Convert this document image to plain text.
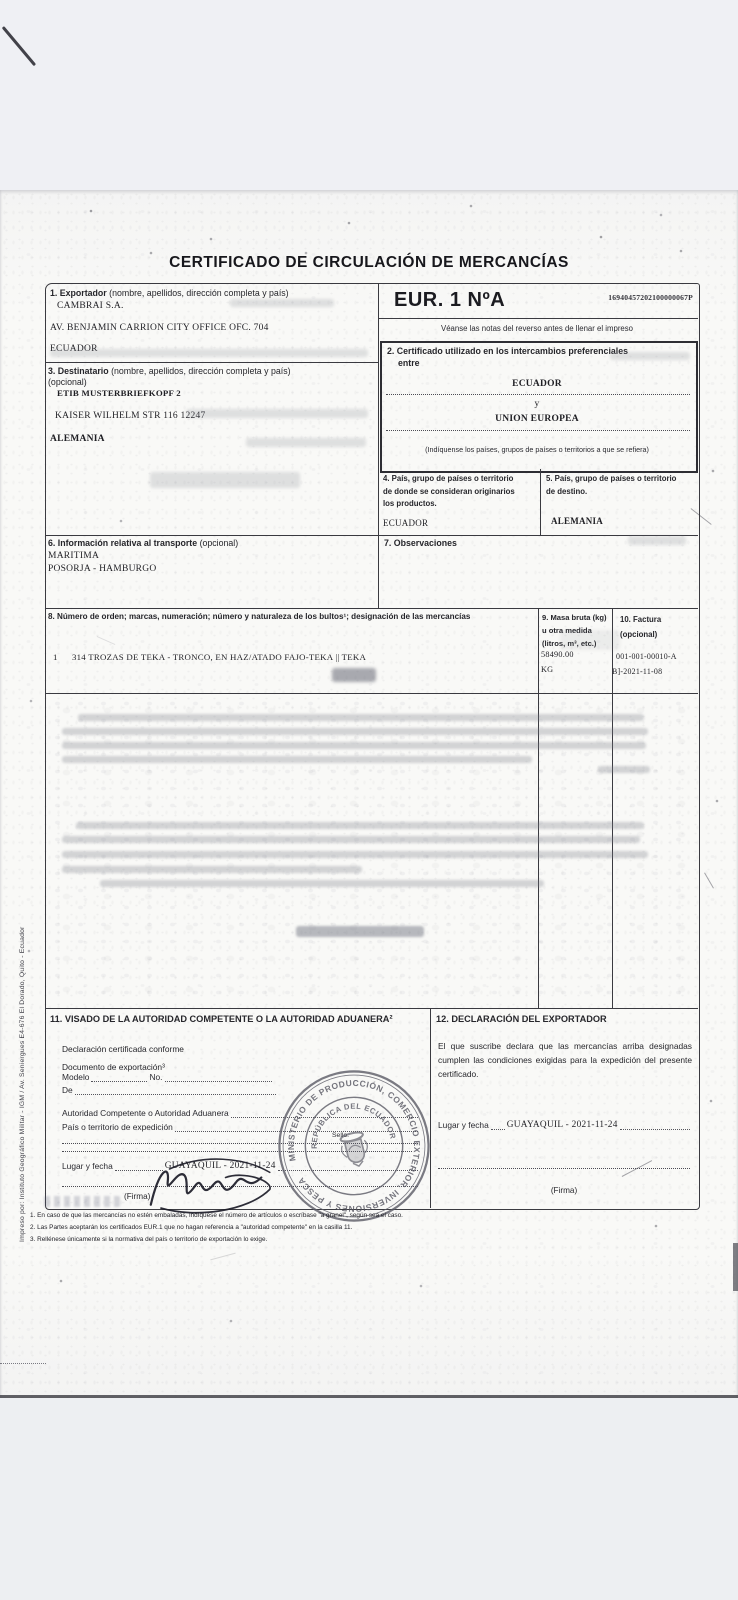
CERTIFICADO DE CIRCULACIÓN DE MERCANCÍAS
1. Exportador (nombre, apellidos, dirección completa y país)
CAMBRAI S.A.
AV. BENJAMIN CARRION CITY OFFICE OFC. 704
ECUADOR
EUR. 1 NºA	16940457202100000067P
Véanse las notas del reverso antes de llenar el impreso
2. Certificado utilizado en los intercambios preferenciales
entre
ECUADOR
y
UNION EUROPEA
(Indíquense los países, grupos de países o territorios a que se refiera)
3. Destinatario (nombre, apellidos, dirección completa y país)
(opcional)
ETIB MUSTERBRIEFKOPF 2
KAISER WILHELM STR 116 12247
ALEMANIA
4. País, grupo de países o territorio
de donde se consideran originarios
los productos.
ECUADOR
5. País, grupo de países o territorio
de destino.
ALEMANIA
6. Información relativa al transporte (opcional)
MARITIMA
POSORJA - HAMBURGO
7. Observaciones
8. Número de orden; marcas, numeración; número y naturaleza de los bultos¹; designación de las mercancías	9. Masa bruta (kg)
u otra medida
(litros, m³, etc.)
10. Factura
(opcional)
1 314 TROZAS DE TEKA - TRONCO, EN HAZ/ATADO FAJO-TEKA || TEKA	58490.00
KG
001-001-00010-A
B]-2021-11-08
11. VISADO DE LA AUTORIDAD COMPETENTE O LA AUTORIDAD ADUANERA²
Declaración certificada conforme
Documento de exportación³
Modelo	No.
De
Autoridad Competente o Autoridad Aduanera
País o territorio de expedición
Lugar y fecha	GUAYAQUIL - 2021-11-24
(Firma)
Sello.
12. DECLARACIÓN DEL EXPORTADOR
El que suscribe declara que las mercancías arriba designadas cumplen las condiciones exigidas para la expedición del presente certificado.
Lugar y fecha GUAYAQUIL - 2021-11-24
(Firma)
MINISTERIO DE PRODUCCIÓN, COMERCIO EXTERIOR, INVERSIONES Y PESCA
REPÚBLICA DEL ECUADOR
1. En caso de que las mercancías no estén embaladas, indíquese el número de artículos o escríbase "a granel", según sea el caso.
2. Las Partes aceptarán los certificados EUR.1 que no hagan referencia a "autoridad competente" en la casilla 11.
3. Rellénese únicamente si la normativa del país o territorio de exportación lo exige.
Impreso por: Instituto Geográfico Militar - IGM / Av. Seniergues E4-676 El Dorado, Quito - Ecuador
